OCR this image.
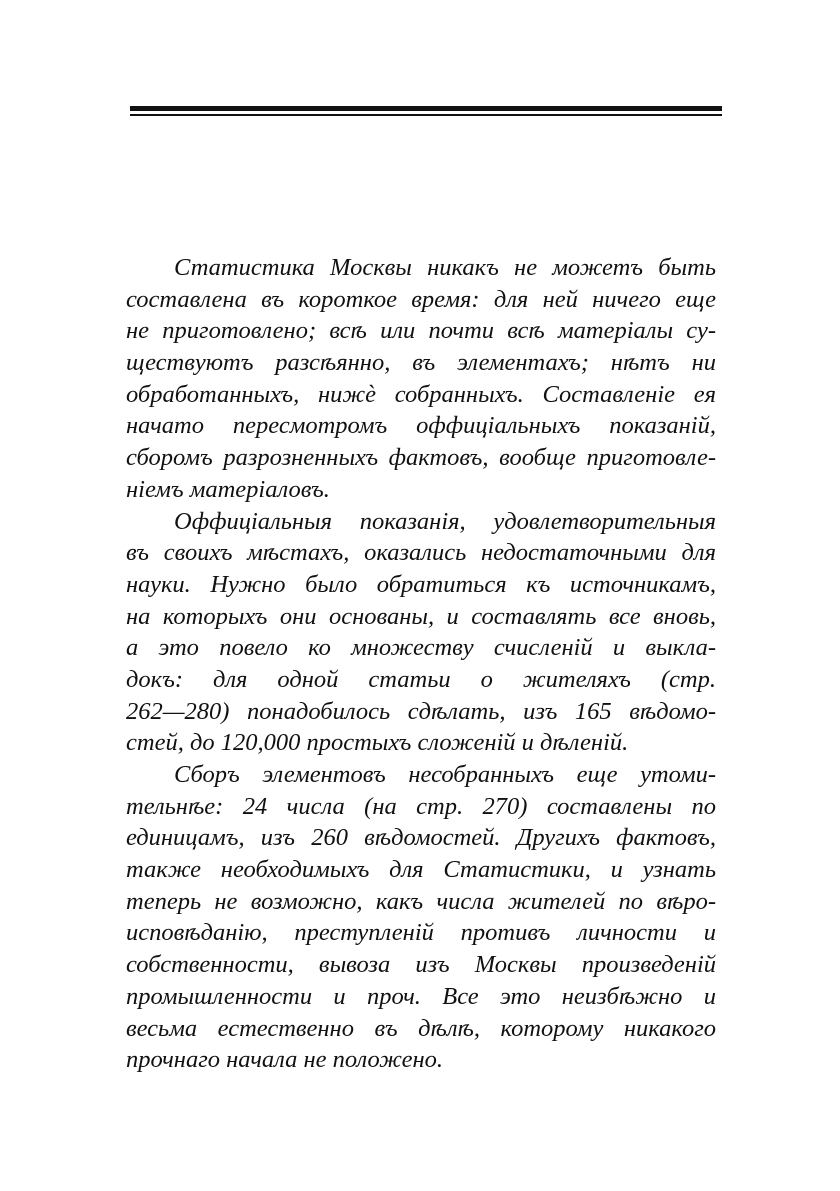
Статистика Москвы никакъ не можетъ быть
составлена въ короткое время: для ней ничего еще
не приготовлено; всѣ или почти всѣ матеріалы су-
ществуютъ разсѣянно, въ элементахъ; нѣтъ ни
обработанныхъ, нижè собранныхъ. Составленіе ея
начато пересмотромъ оффиціальныхъ показаній,
сборомъ разрозненныхъ фактовъ, вообще приготовле-
ніемъ матеріаловъ.
Оффиціальныя показанія, удовлетворительныя
въ своихъ мѣстахъ, оказались недостаточными для
науки. Нужно было обратиться къ источникамъ,
на которыхъ они основаны, и составлять все вновь,
а это повело ко множеству счисленій и выкла-
докъ: для одной статьи о жителяхъ (стр.
262—280) понадобилось сдѣлать, изъ 165 вѣдомо-
стей, до 120,000 простыхъ сложеній и дѣленій.
Сборъ элементовъ несобранныхъ еще утоми-
тельнѣе: 24 числа (на стр. 270) составлены по
единицамъ, изъ 260 вѣдомостей. Другихъ фактовъ,
также необходимыхъ для Статистики, и узнать
теперь не возможно, какъ числа жителей по вѣро-
исповѣданію, преступленій противъ личности и
собственности, вывоза изъ Москвы произведеній
промышленности и проч. Все это неизбѣжно и
весьма естественно въ дѣлѣ, которому никакого
прочнаго начала не положено.
